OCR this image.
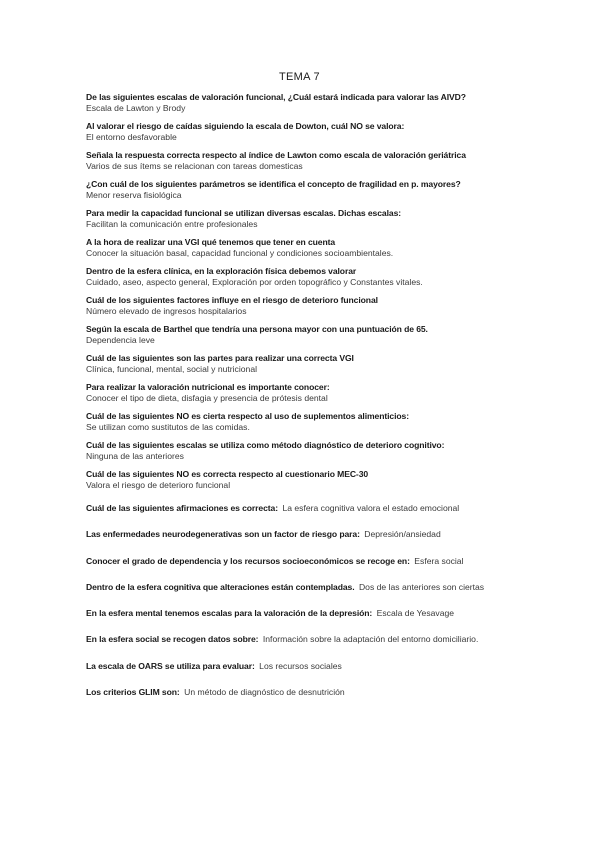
TEMA 7
De las siguientes escalas de valoración funcional, ¿Cuál estará indicada para valorar las AIVD?
Escala de Lawton y Brody
Al valorar el riesgo de caídas siguiendo la escala de Dowton, cuál NO se valora:
El entorno desfavorable
Señala la respuesta correcta respecto al índice de Lawton como escala de valoración geriátrica
Varios de sus ítems se relacionan con tareas domesticas
¿Con cuál de los siguientes parámetros se identifica el concepto de fragilidad en p. mayores?
Menor reserva fisiológica
Para medir la capacidad funcional se utilizan diversas escalas. Dichas escalas:
Facilitan la comunicación entre profesionales
A la hora de realizar una VGI qué tenemos que tener en cuenta
Conocer la situación basal, capacidad funcional y condiciones socioambientales.
Dentro de la esfera clínica, en la exploración física debemos valorar
Cuidado, aseo, aspecto general, Exploración por orden topográfico y Constantes vitales.
Cuál de los siguientes factores influye en el riesgo de deterioro funcional
Número elevado de ingresos hospitalarios
Según la escala de Barthel que tendría una persona mayor con una puntuación de 65.
Dependencia leve
Cuál de las siguientes son las partes para realizar una correcta VGI
Clínica, funcional, mental, social y nutricional
Para realizar la valoración nutricional es importante conocer:
Conocer el tipo de dieta, disfagia y presencia de prótesis dental
Cuál de las siguientes NO es cierta respecto al uso de suplementos alimenticios:
Se utilizan como sustitutos de las comidas.
Cuál de las siguientes escalas se utiliza como método diagnóstico de deterioro cognitivo:
Ninguna de las anteriores
Cuál de las siguientes NO es correcta respecto al cuestionario MEC-30
Valora el riesgo de deterioro funcional
Cuál de las siguientes afirmaciones es correcta: La esfera cognitiva valora el estado emocional
Las enfermedades neurodegenerativas son un factor de riesgo para: Depresión/ansiedad
Conocer el grado de dependencia y los recursos socioeconómicos se recoge en: Esfera social
Dentro de la esfera cognitiva que alteraciones están contempladas. Dos de las anteriores son ciertas
En la esfera mental tenemos escalas para la valoración de la depresión: Escala de Yesavage
En la esfera social se recogen datos sobre: Información sobre la adaptación del entorno domiciliario.
La escala de OARS se utiliza para evaluar: Los recursos sociales
Los criterios GLIM son: Un método de diagnóstico de desnutrición
